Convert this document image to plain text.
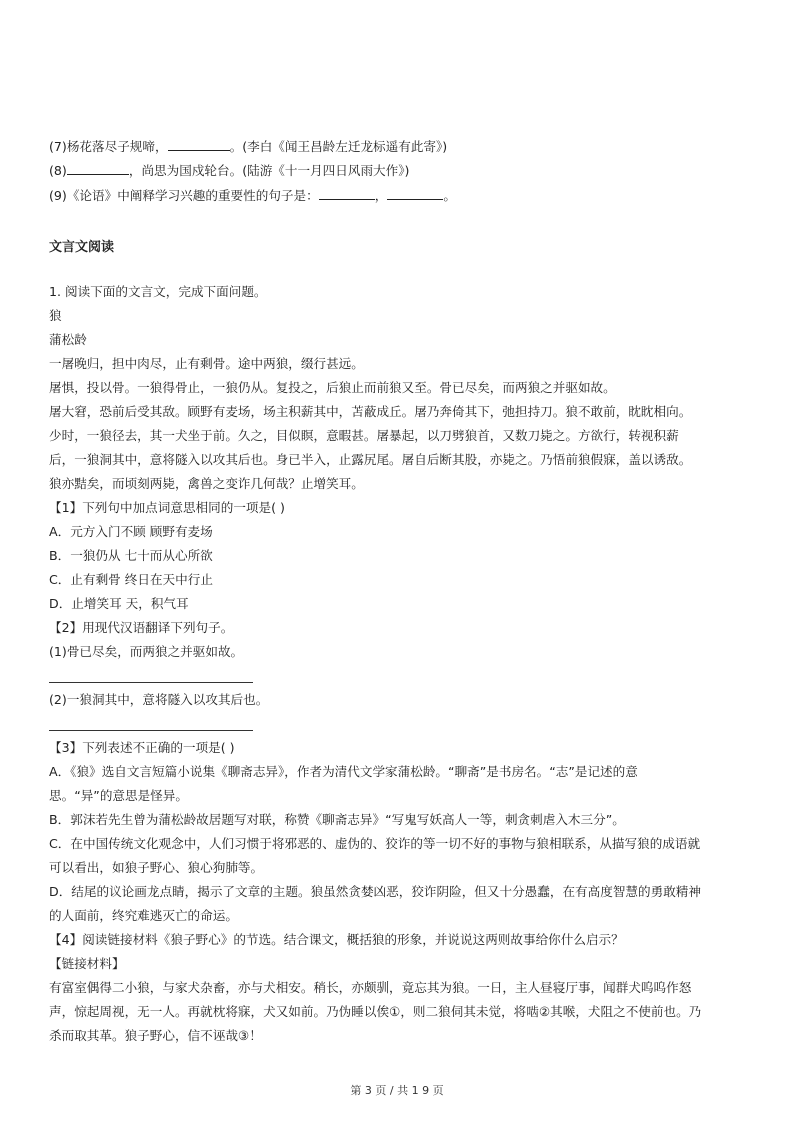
(7)杨花落尽子规啼，	。(李白《闻王昌龄左迁龙标遥有此寄》)
(8)	，尚思为国戍轮台。(陆游《十一月四日风雨大作》)
(9)《论语》中阐释学习兴趣的重要性的句子是：	，	。
文言文阅读
1. 阅读下面的文言文，完成下面问题。
狼
蒲松龄
一屠晚归，担中肉尽，止有剩骨。途中两狼，缀行甚远。
屠惧，投以骨。一狼得骨止，一狼仍从。复投之，后狼止而前狼又至。骨已尽矣，而两狼之并驱如故。
屠大窘，恐前后受其敌。顾野有麦场，场主积薪其中，苫蔽成丘。屠乃奔倚其下，弛担持刀。狼不敢前，眈眈相向。
少时，一狼径去，其一犬坐于前。久之，目似瞑，意暇甚。屠暴起，以刀劈狼首，又数刀毙之。方欲行，转视积薪
后，一狼洞其中，意将隧入以攻其后也。身已半入，止露尻尾。屠自后断其股，亦毙之。乃悟前狼假寐，盖以诱敌。
狼亦黠矣，而顷刻两毙，禽兽之变诈几何哉？止增笑耳。
【1】下列句中加点词意思相同的一项是( )
A．元方入门不顾 顾野有麦场
B．一狼仍从 七十而从心所欲
C．止有剩骨 终日在天中行止
D．止增笑耳 天，积气耳
【2】用现代汉语翻译下列句子。
(1)骨已尽矣，而两狼之并驱如故。
(2)一狼洞其中，意将隧入以攻其后也。
【3】下列表述不正确的一项是( )
A．《狼》选自文言短篇小说集《聊斋志异》，作者为清代文学家蒲松龄。“聊斋”是书房名。“志”是记述的意
思。“异”的意思是怪异。
B．郭沫若先生曾为蒲松龄故居题写对联，称赞《聊斋志异》“写鬼写妖高人一等，刺贪刺虐入木三分”。
C．在中国传统文化观念中，人们习惯于将邪恶的、虚伪的、狡诈的等一切不好的事物与狼相联系，从描写狼的成语就
可以看出，如狼子野心、狼心狗肺等。
D．结尾的议论画龙点睛，揭示了文章的主题。狼虽然贪婪凶恶，狡诈阴险，但又十分愚蠢，在有高度智慧的勇敢精神
的人面前，终究难逃灭亡的命运。
【4】阅读链接材料《狼子野心》的节选。结合课文，概括狼的形象，并说说这两则故事给你什么启示？
【链接材料】
有富室偶得二小狼，与家犬杂畜，亦与犬相安。稍长，亦颇驯，竟忘其为狼。一日，主人昼寝厅事，闻群犬呜呜作怒
声，惊起周视，无一人。再就枕将寐，犬又如前。乃伪睡以俟①，则二狼伺其未觉，将啮②其喉，犬阻之不使前也。乃
杀而取其革。狼子野心，信不诬哉③！
第 3 页 / 共 1 9 页
